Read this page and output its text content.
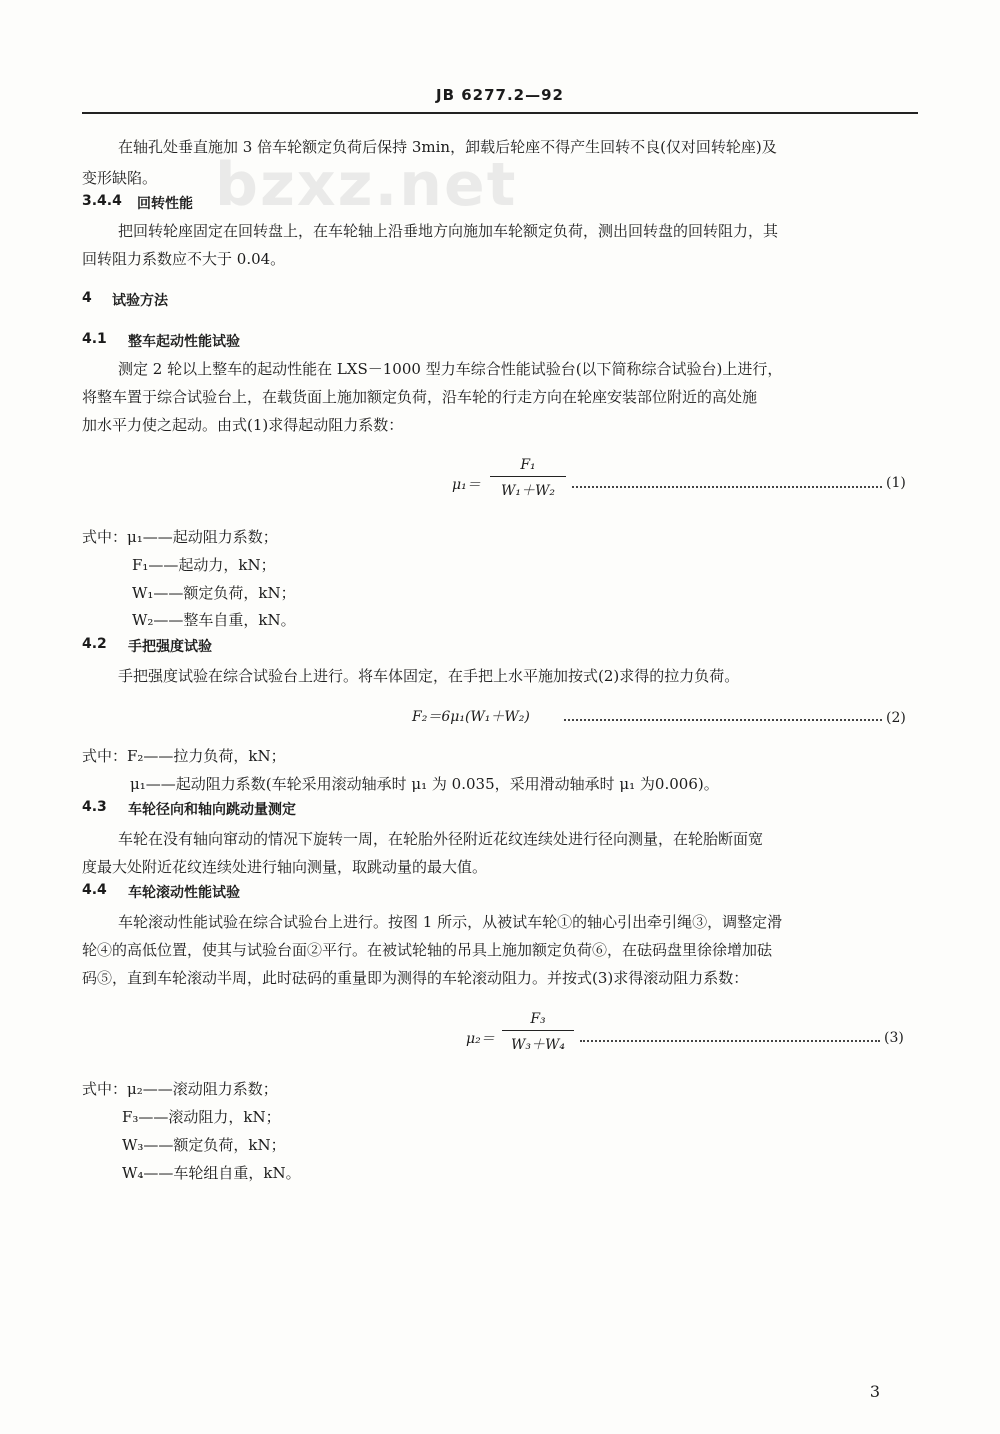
JB 6277.2—92
bzxz.net
在轴孔处垂直施加 3 倍车轮额定负荷后保持 3min，卸载后轮座不得产生回转不良(仅对回转轮座)及
变形缺陷。
3.4.4 回转性能
把回转轮座固定在回转盘上，在车轮轴上沿垂地方向施加车轮额定负荷，测出回转盘的回转阻力，其
回转阻力系数应不大于 0.04。
4 试验方法
4.1 整车起动性能试验
测定 2 轮以上整车的起动性能在 LXS－1000 型力车综合性能试验台(以下简称综合试验台)上进行，
将整车置于综合试验台上，在载货面上施加额定负荷，沿车轮的行走方向在轮座安装部位附近的高处施
加水平力使之起动。由式(1)求得起动阻力系数：
μ₁＝
F₁
W₁＋W₂	(1)
式中：μ₁——起动阻力系数；
F₁——起动力，kN；
W₁——额定负荷，kN；
W₂——整车自重，kN。
4.2 手把强度试验
手把强度试验在综合试验台上进行。将车体固定，在手把上水平施加按式(2)求得的拉力负荷。
F₂＝6μ₁(W₁＋W₂)	(2)
式中：F₂——拉力负荷，kN；
μ₁——起动阻力系数(车轮采用滚动轴承时 μ₁ 为 0.035，采用滑动轴承时 μ₁ 为0.006)。
4.3 车轮径向和轴向跳动量测定
车轮在没有轴向窜动的情况下旋转一周，在轮胎外径附近花纹连续处进行径向测量，在轮胎断面宽
度最大处附近花纹连续处进行轴向测量，取跳动量的最大值。
4.4 车轮滚动性能试验
车轮滚动性能试验在综合试验台上进行。按图 1 所示，从被试车轮①的轴心引出牵引绳③，调整定滑
轮④的高低位置，使其与试验台面②平行。在被试轮轴的吊具上施加额定负荷⑥，在砝码盘里徐徐增加砝
码⑤，直到车轮滚动半周，此时砝码的重量即为测得的车轮滚动阻力。并按式(3)求得滚动阻力系数：
μ₂＝
F₃
W₃＋W₄	(3)
式中：μ₂——滚动阻力系数；
F₃——滚动阻力，kN；
W₃——额定负荷，kN；
W₄——车轮组自重，kN。
3
